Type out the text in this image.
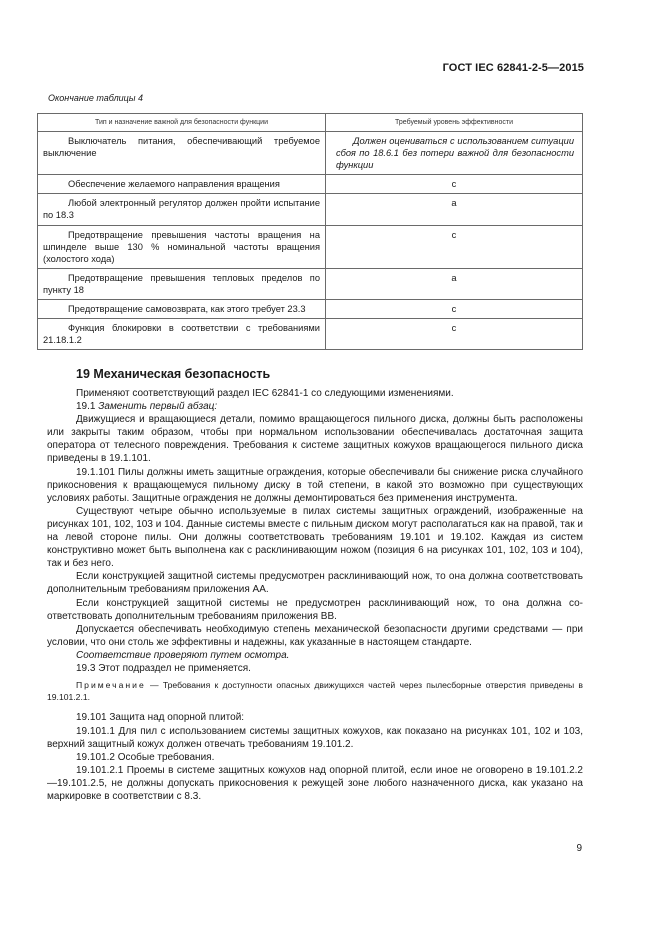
ГОСТ IEC 62841-2-5—2015
Окончание таблицы 4
Тип и назначение важной для безопасности функции	Требуемый уровень эффективности
Выключатель питания, обеспечивающий требуемое выключение	Должен оцениваться с использованием ситуации сбоя по 18.6.1 без потери важной для безопасности функции
Обеспечение желаемого направления вращения	c
Любой электронный регулятор должен пройти испытание по 18.3	a
Предотвращение превышения частоты вращения на шпинделе выше 130 % номинальной частоты вращения (холостого хода)	c
Предотвращение превышения тепловых пределов по пункту 18	a
Предотвращение самовозврата, как этого требует 23.3	c
Функция блокировки в соответствии с требованиями 21.18.1.2	c
19 Механическая безопасность

Применяют соответствующий раздел IEC 62841-1 со следующими изменениями.

19.1 Заменить первый абзац:

Движущиеся и вращающиеся детали, помимо вращающегося пильного диска, должны быть расположены или закрыты таким образом, чтобы при нормальном использовании обеспечивалась достаточная защита оператора от телесного повреждения. Требования к системе защитных кожухов вращающегося пильного диска приведены в 19.1.101.

19.1.101 Пилы должны иметь защитные ограждения, которые обеспечивали бы снижение риска случайного прикосновения к вращающемуся пильному диску в той степени, в какой это возможно при существующих условиях работы. Защитные ограждения не должны демонтироваться без применения инструмента.

Существуют четыре обычно используемые в пилах системы защитных ограждений, изображенные на рисунках 101, 102, 103 и 104. Данные системы вместе с пильным диском могут располагаться как на правой, так и на левой стороне пилы. Они должны соответствовать требованиям 19.101 и 19.102. Каждая из систем конструктивно может быть выполнена как с расклинивающим ножом (позиция 6 на рисунках 101, 102, 103 и 104), так и без него.

Если конструкцией защитной системы предусмотрен расклинивающий нож, то она должна соответствовать дополнительным требованиям приложения АА.

Если конструкцией защитной системы не предусмотрен расклинивающий нож, то она должна соответствовать дополнительным требованиям приложения ВВ.

Допускается обеспечивать необходимую степень механической безопасности другими средствами — при условии, что они столь же эффективны и надежны, как указанные в настоящем стандарте.

Соответствие проверяют путем осмотра.

19.3 Этот подраздел не применяется.

Примечание — Требования к доступности опасных движущихся частей через пылесборные отверстия приведены в 19.101.2.1.

19.101 Защита над опорной плитой:

19.101.1 Для пил с использованием системы защитных кожухов, как показано на рисунках 101, 102 и 103, верхний защитный кожух должен отвечать требованиям 19.101.2.

19.101.2 Особые требования.

19.101.2.1 Проемы в системе защитных кожухов над опорной плитой, если иное не оговорено в 19.101.2.2—19.101.2.5, не должны допускать прикосновения к режущей зоне любого назначенного диска, как указано на маркировке в соответствии с 8.3.

9
